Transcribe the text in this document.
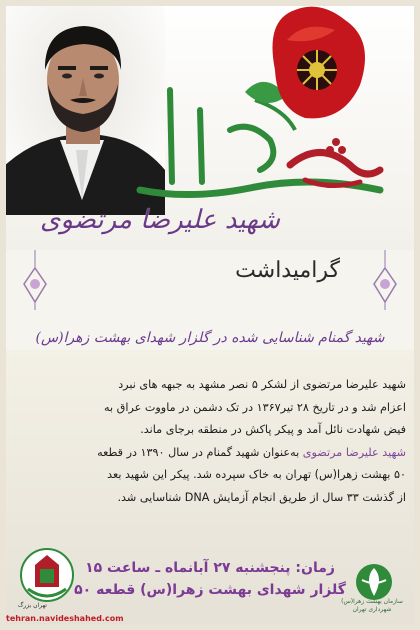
شهید علیرضا مرتضوی
گرامیداشت
شهید گمنام شناسایی شده در گلزار شهدای بهشت زهرا(س)
شهید علیرضا مرتضوی از لشکر ۵ نصر مشهد به جبهه های نبرد
اعزام شد و در تاریخ ۲۸ تیر۱۳۶۷ در تک دشمن در ماووت عراق به
فیض شهادت نائل آمد و پیکر پاکش در منطقه برجای ماند.
شهید علیرضا مرتضوی به‌عنوان شهید گمنام در سال ۱۳۹۰ در قطعه
۵۰ بهشت زهرا(س) تهران به خاک سپرده شد. پیکر این شهید بعد
از گذشت ۳۳ سال از طریق انجام آزمایش DNA شناسایی شد.
زمان: پنجشنبه ۲۷ آبانماه ـ ساعت ۱۵
گلزار شهدای بهشت زهرا(س) قطعه ۵۰
تهران بزرگ
سازمان بهشت زهرا(س) شهرداری تهران
tehran.navideshahed.com
